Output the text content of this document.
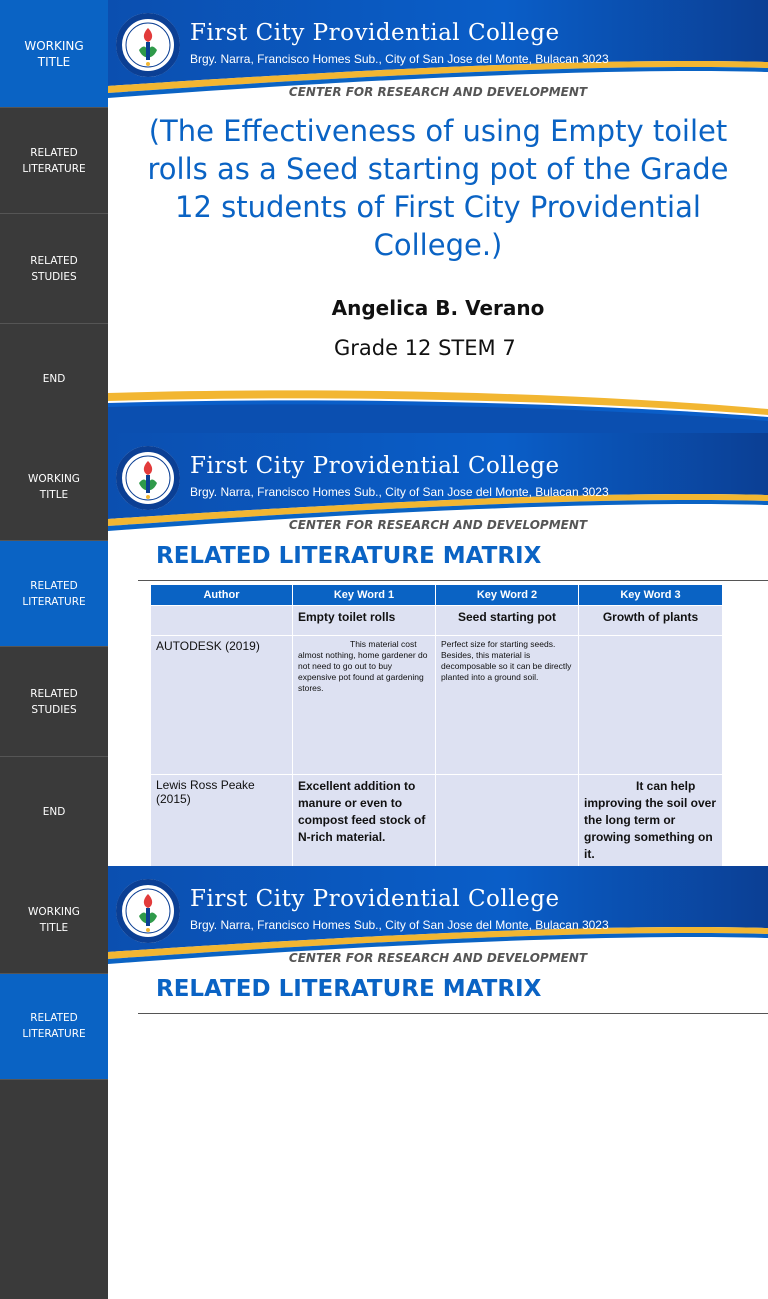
WORKING
TITLE
RELATED
LITERATURE
RELATED
STUDIES
END
First City Providential College
Brgy. Narra, Francisco Homes Sub., City of San Jose del Monte, Bulacan 3023
CENTER FOR RESEARCH AND DEVELOPMENT
(The Effectiveness of using Empty toilet rolls as a Seed starting pot of the Grade 12 students of First City Providential College.)
Angelica B. Verano
Grade 12 STEM 7
WORKING
TITLE
RELATED
LITERATURE
RELATED
STUDIES
END
First City Providential College
Brgy. Narra, Francisco Homes Sub., City of San Jose del Monte, Bulacan 3023
CENTER FOR RESEARCH AND DEVELOPMENT
RELATED LITERATURE MATRIX
Author	Key Word 1	Key Word 2	Key Word 3
	Empty toilet rolls	Seed starting pot	Growth of plants
AUTODESK (2019)	This material cost almost nothing, home gardener do not need to go out to buy expensive pot found at gardening stores.	Perfect size for starting seeds. Besides, this material is decomposable so it can be directly planted into a ground soil.	
Lewis Ross Peake (2015)	Excellent addition to manure or even to compost feed stock of N-rich material.		It can help improving the soil over the long term or growing something on it.
WORKING
TITLE
RELATED
LITERATURE
First City Providential College
Brgy. Narra, Francisco Homes Sub., City of San Jose del Monte, Bulacan 3023
CENTER FOR RESEARCH AND DEVELOPMENT
RELATED LITERATURE MATRIX
